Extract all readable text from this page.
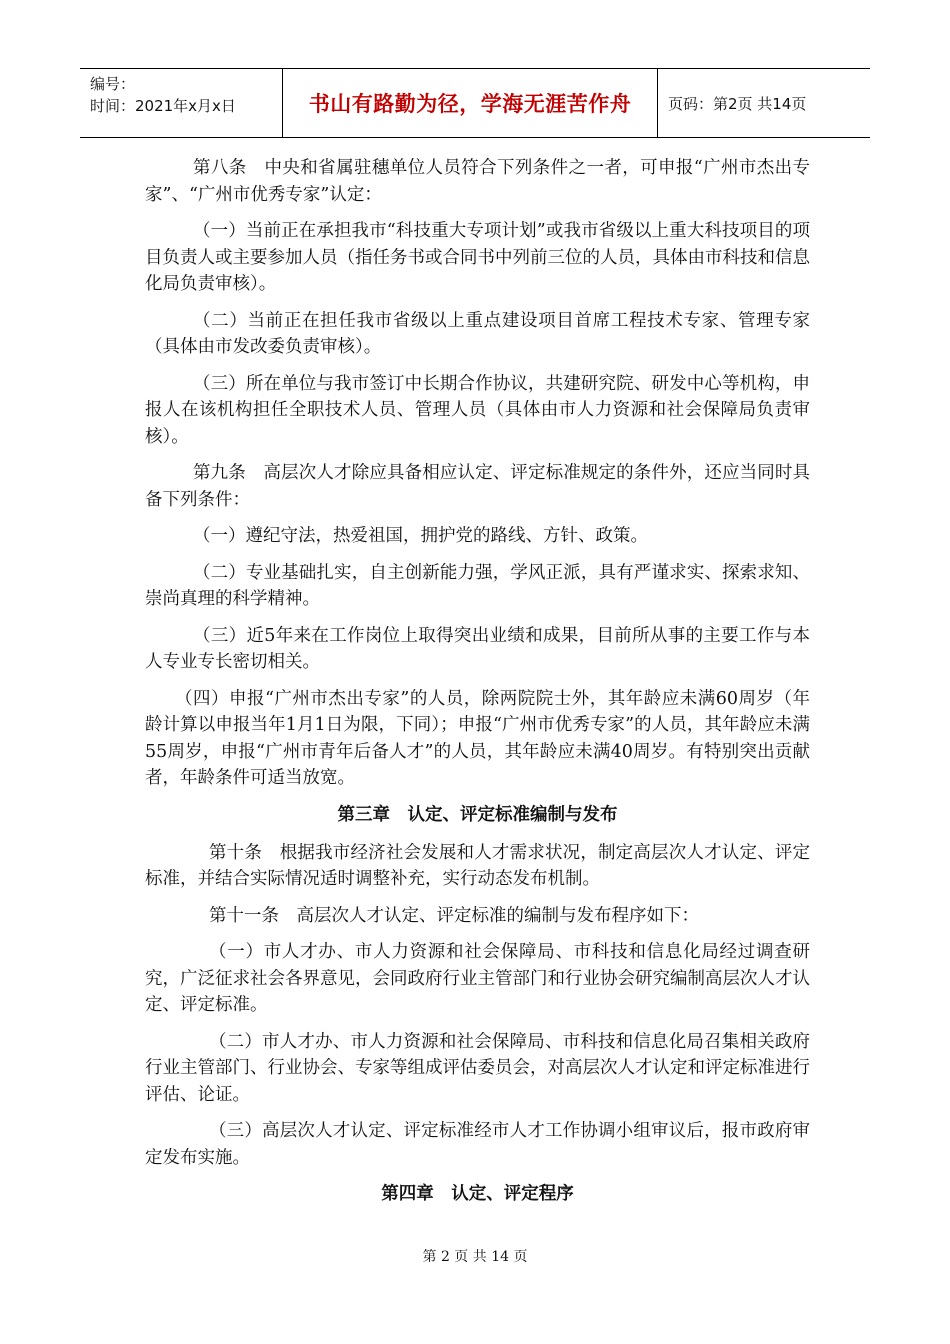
编号：
时间：2021年x月x日	书山有路勤为径，学海无涯苦作舟	页码：第2页 共14页

第八条　中央和省属驻穗单位人员符合下列条件之一者，可申报“广州市杰出专家”、“广州市优秀专家”认定：

（一）当前正在承担我市“科技重大专项计划”或我市省级以上重大科技项目的项目负责人或主要参加人员（指任务书或合同书中列前三位的人员，具体由市科技和信息化局负责审核）。

（二）当前正在担任我市省级以上重点建设项目首席工程技术专家、管理专家（具体由市发改委负责审核）。

（三）所在单位与我市签订中长期合作协议，共建研究院、研发中心等机构，申报人在该机构担任全职技术人员、管理人员（具体由市人力资源和社会保障局负责审核）。

第九条　高层次人才除应具备相应认定、评定标准规定的条件外，还应当同时具备下列条件：

（一）遵纪守法，热爱祖国，拥护党的路线、方针、政策。

（二）专业基础扎实，自主创新能力强，学风正派，具有严谨求实、探索求知、崇尚真理的科学精神。

（三）近5年来在工作岗位上取得突出业绩和成果，目前所从事的主要工作与本人专业专长密切相关。

（四）申报“广州市杰出专家”的人员，除两院院士外，其年龄应未满60周岁（年龄计算以申报当年1月1日为限，下同）；申报“广州市优秀专家”的人员，其年龄应未满55周岁，申报“广州市青年后备人才”的人员，其年龄应未满40周岁。有特别突出贡献者，年龄条件可适当放宽。

第三章　认定、评定标准编制与发布

第十条　根据我市经济社会发展和人才需求状况，制定高层次人才认定、评定标准，并结合实际情况适时调整补充，实行动态发布机制。

第十一条　高层次人才认定、评定标准的编制与发布程序如下：

（一）市人才办、市人力资源和社会保障局、市科技和信息化局经过调查研究，广泛征求社会各界意见，会同政府行业主管部门和行业协会研究编制高层次人才认定、评定标准。

（二）市人才办、市人力资源和社会保障局、市科技和信息化局召集相关政府行业主管部门、行业协会、专家等组成评估委员会，对高层次人才认定和评定标准进行评估、论证。

（三）高层次人才认定、评定标准经市人才工作协调小组审议后，报市政府审定发布实施。

第四章　认定、评定程序
第 2 页 共 14 页
